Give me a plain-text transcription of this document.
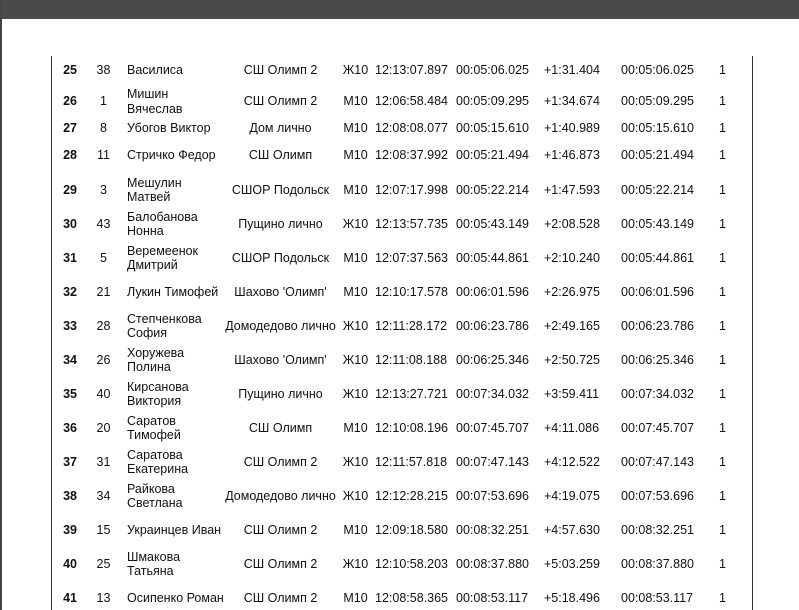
25	38	Василиса	СШ Олимп 2	Ж10	12:13:07.897	00:05:06.025	+1:31.404	00:05:06.025	1	
26	1	Мишин Вячеслав	СШ Олимп 2	М10	12:06:58.484	00:05:09.295	+1:34.674	00:05:09.295	1	
27	8	Убогов Виктор	Дом лично	М10	12:08:08.077	00:05:15.610	+1:40.989	00:05:15.610	1	
28	11	Стричко Федор	СШ Олимп	М10	12:08:37.992	00:05:21.494	+1:46.873	00:05:21.494	1	
29	3	Мешулин Матвей	СШОР Подольск	М10	12:07:17.998	00:05:22.214	+1:47.593	00:05:22.214	1	
30	43	Балобанова Нонна	Пущино лично	Ж10	12:13:57.735	00:05:43.149	+2:08.528	00:05:43.149	1	
31	5	Веремеенок Дмитрий	СШОР Подольск	М10	12:07:37.563	00:05:44.861	+2:10.240	00:05:44.861	1	
32	21	Лукин Тимофей	Шахово 'Олимп'	М10	12:10:17.578	00:06:01.596	+2:26.975	00:06:01.596	1	
33	28	Степченкова София	Домодедово лично	Ж10	12:11:28.172	00:06:23.786	+2:49.165	00:06:23.786	1	
34	26	Хоружева Полина	Шахово 'Олимп'	Ж10	12:11:08.188	00:06:25.346	+2:50.725	00:06:25.346	1	
35	40	Кирсанова Виктория	Пущино лично	Ж10	12:13:27.721	00:07:34.032	+3:59.411	00:07:34.032	1	
36	20	Саратов Тимофей	СШ Олимп	М10	12:10:08.196	00:07:45.707	+4:11.086	00:07:45.707	1	
37	31	Саратова Екатерина	СШ Олимп 2	Ж10	12:11:57.818	00:07:47.143	+4:12.522	00:07:47.143	1	
38	34	Райкова Светлана	Домодедово лично	Ж10	12:12:28.215	00:07:53.696	+4:19.075	00:07:53.696	1	
39	15	Украинцев Иван	СШ Олимп 2	М10	12:09:18.580	00:08:32.251	+4:57.630	00:08:32.251	1	
40	25	Шмакова Татьяна	СШ Олимп 2	Ж10	12:10:58.203	00:08:37.880	+5:03.259	00:08:37.880	1	
41	13	Осипенко Роман	СШ Олимп 2	М10	12:08:58.365	00:08:53.117	+5:18.496	00:08:53.117	1	
